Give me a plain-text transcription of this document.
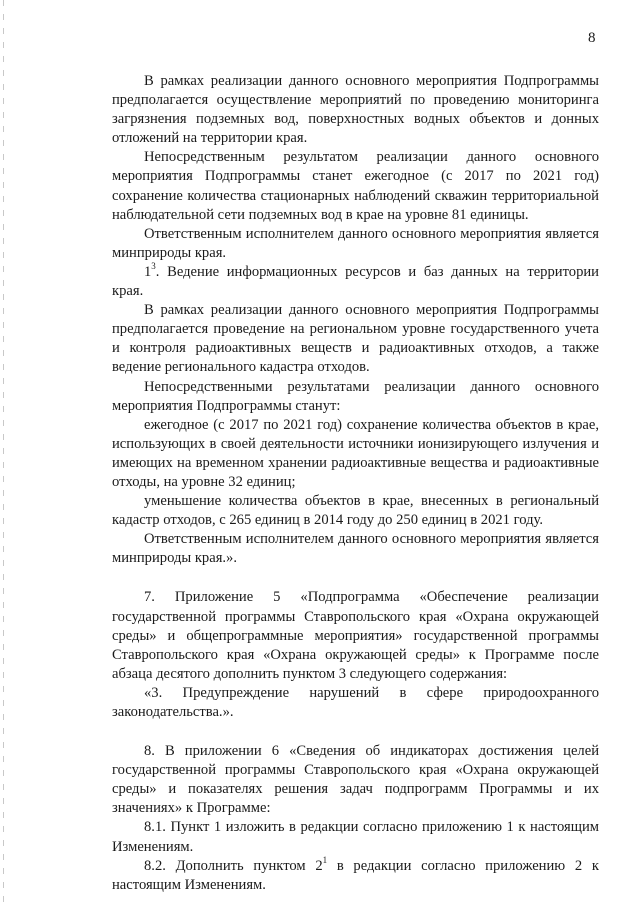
8

В рамках реализации данного основного мероприятия Подпрограммы предполагается осуществление мероприятий по проведению мониторинга загрязнения подземных вод, поверхностных водных объектов и донных отложений на территории края.

Непосредственным результатом реализации данного основного мероприятия Подпрограммы станет ежегодное (с 2017 по 2021 год) сохранение количества стационарных наблюдений скважин территориальной наблюдательной сети подземных вод в крае на уровне 81 единицы.

Ответственным исполнителем данного основного мероприятия является минприроды края.

$1^3$. Ведение информационных ресурсов и баз данных на территории края.

В рамках реализации данного основного мероприятия Подпрограммы предполагается проведение на региональном уровне государственного учета и контроля радиоактивных веществ и радиоактивных отходов, а также ведение регионального кадастра отходов.

Непосредственными результатами реализации данного основного мероприятия Подпрограммы станут:

ежегодное (с 2017 по 2021 год) сохранение количества объектов в крае, использующих в своей деятельности источники ионизирующего излучения и имеющих на временном хранении радиоактивные вещества и радиоактивные отходы, на уровне 32 единиц;

уменьшение количества объектов в крае, внесенных в региональный кадастр отходов, с 265 единиц в 2014 году до 250 единиц в 2021 году.

Ответственным исполнителем данного основного мероприятия является минприроды края.».

7. Приложение 5 «Подпрограмма «Обеспечение реализации государственной программы Ставропольского края «Охрана окружающей среды» и общепрограммные мероприятия» государственной программы Ставропольского края «Охрана окружающей среды» к Программе после абзаца десятого дополнить пунктом 3 следующего содержания:

«3. Предупреждение нарушений в сфере природоохранного законодательства.».

8. В приложении 6 «Сведения об индикаторах достижения целей государственной программы Ставропольского края «Охрана окружающей среды» и показателях решения задач подпрограмм Программы и их значениях» к Программе:

8.1. Пункт 1 изложить в редакции согласно приложению 1 к настоящим Изменениям.

8.2. Дополнить пунктом $2^1$ в редакции согласно приложению 2 к настоящим Изменениям.
